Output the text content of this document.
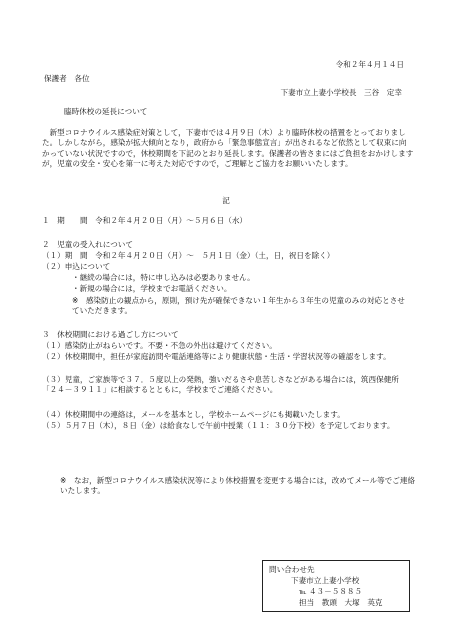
令和２年４月１４日
保護者　各位
下妻市立上妻小学校長　三谷　定幸
臨時休校の延長について
新型コロナウイルス感染症対策として，下妻市では４月９日（木）より臨時休校の措置をとっておりました。しかしながら，感染が拡大傾向となり，政府から「緊急事態宣言」が出されるなど依然として収束に向かっていない状況ですので，休校期間を下記のとおり延長します。保護者の皆さまにはご負担をおかけしますが，児童の安全・安心を第一に考えた対応ですので，ご理解とご協力をお願いいたします。
記
１　期　　間　令和２年４月２０日（月）～５月６日（水）
２　児童の受入れについて
（１）期　間　令和２年４月２０日（月）～　５月１日（金）（土，日，祝日を除く）
（２）申込について
・継続の場合には，特に申し込みは必要ありません。
・新規の場合には，学校までお電話ください。
※　感染防止の観点から，原則，預け先が確保できない１年生から３年生の児童のみの対応とさせていただきます。
３　休校期間における過ごし方について
（１）感染防止がねらいです。不要・不急の外出は避けてください。
（２）休校期間中，担任が家庭訪問や電話連絡等により健康状態・生活・学習状況等の確認をします。
（３）児童，ご家族等で３７．５度以上の発熱，強いだるさや息苦しさなどがある場合には，筑西保健所「２４－３９１１」に相談するとともに，学校までご連絡ください。
（４）休校期間中の連絡は，メールを基本とし，学校ホームページにも掲載いたします。
（５）５月７日（木），８日（金）は給食なしで午前中授業（１１：３０分下校）を予定しております。
※　なお，新型コロナウイルス感染状況等により休校措置を変更する場合には，改めてメール等でご連絡いたします。
問い合わせ先
下妻市立上妻小学校
℡ ４３－５８８５
担当　教頭　大塚　英克
